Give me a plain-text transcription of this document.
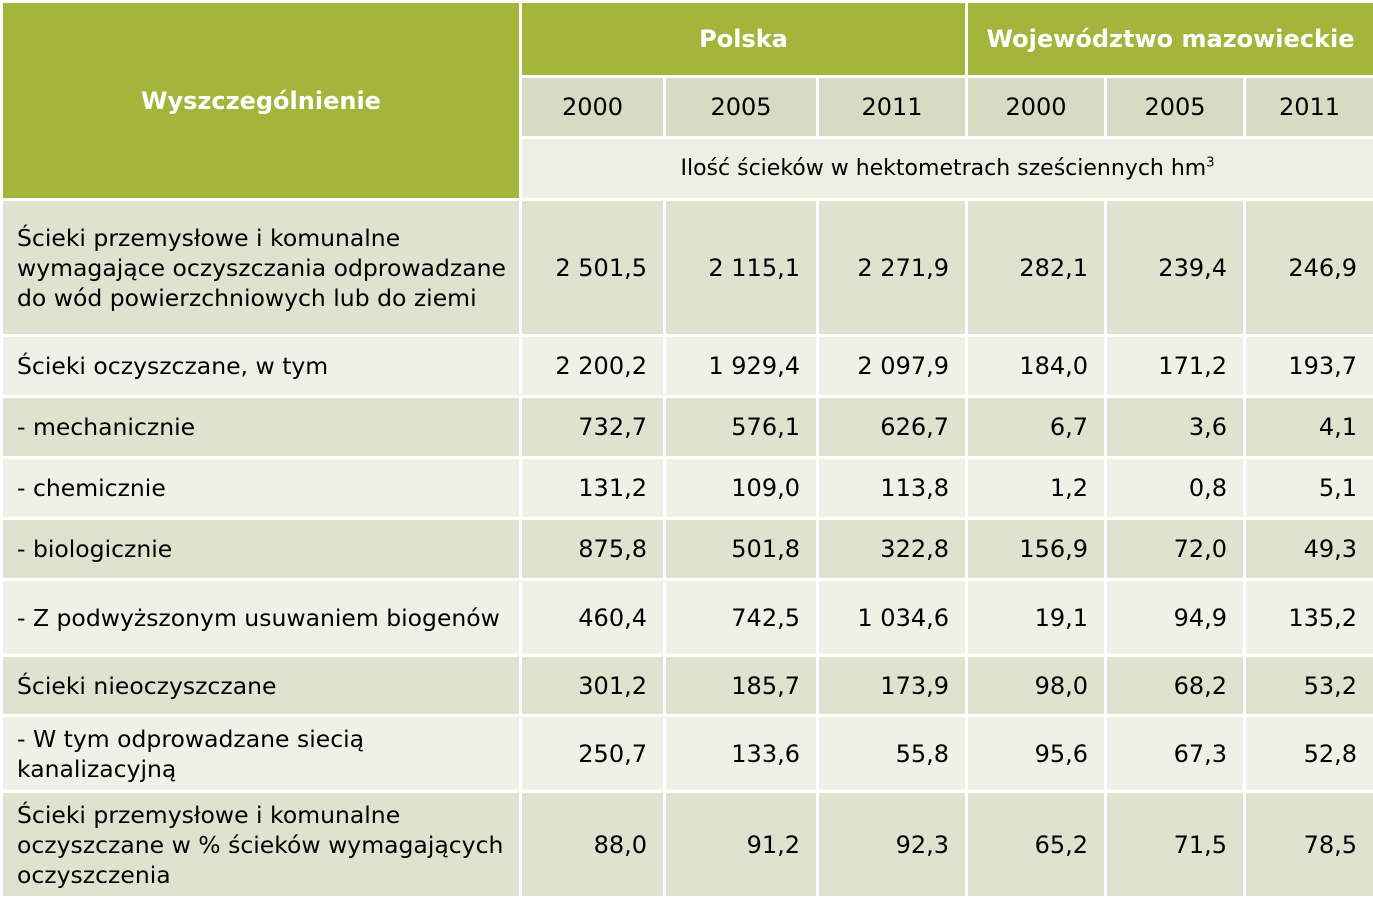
Wyszczególnienie	Polska			Województwo mazowieckie		
	2000	2005	2011	2000	2005	2011
	Ilość ścieków w hektometrach sześciennych $hm^3$
Ścieki przemysłowe i komunalne wymagające oczyszczania odprowadzane do wód powierzchniowych lub do ziemi	2 501,5	2 115,1	2 271,9	282,1	239,4	246,9
Ścieki oczyszczane, w tym	2 200,2	1 929,4	2 097,9	184,0	171,2	193,7
- mechanicznie	732,7	576,1	626,7	6,7	3,6	4,1
- chemicznie	131,2	109,0	113,8	1,2	0,8	5,1
- biologicznie	875,8	501,8	322,8	156,9	72,0	49,3
- Z podwyższonym usuwaniem biogenów	460,4	742,5	1 034,6	19,1	94,9	135,2
Ścieki nieoczyszczane	301,2	185,7	173,9	98,0	68,2	53,2
- W tym odprowadzane siecią kanalizacyjną	250,7	133,6	55,8	95,6	67,3	52,8
Ścieki przemysłowe i komunalne oczyszczane w % ścieków wymagających oczyszczenia	88,0	91,2	92,3	65,2	71,5	78,5
